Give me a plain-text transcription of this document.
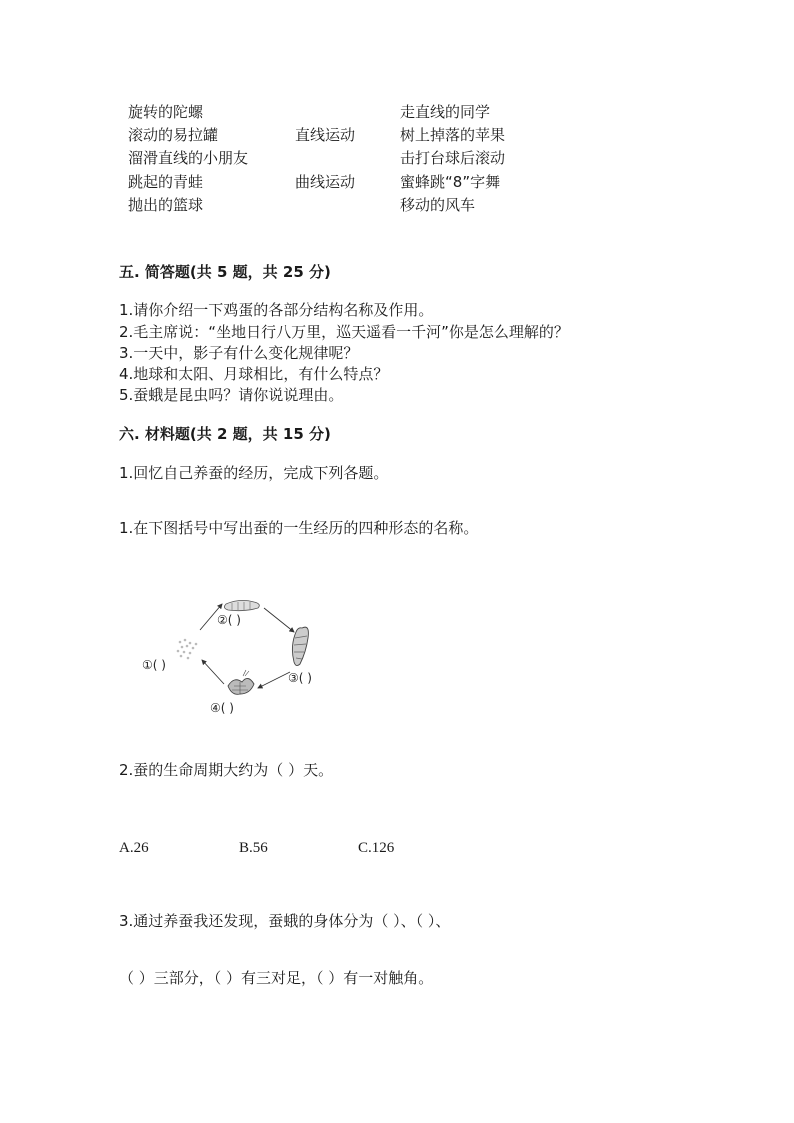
旋转的陀螺
滚动的易拉罐
溜滑直线的小朋友
跳起的青蛙
抛出的篮球
直线运动
曲线运动
走直线的同学
树上掉落的苹果
击打台球后滚动
蜜蜂跳“8”字舞
移动的风车
五. 简答题(共 5 题，共 25 分)
1.请你介绍一下鸡蛋的各部分结构名称及作用。
2.毛主席说：“坐地日行八万里，巡天遥看一千河”你是怎么理解的？
3.一天中，影子有什么变化规律呢？
4.地球和太阳、月球相比，有什么特点？
5.蚕蛾是昆虫吗？请你说说理由。
六. 材料题(共 2 题，共 15 分)
1.回忆自己养蚕的经历，完成下列各题。
1.在下图括号中写出蚕的一生经历的四种形态的名称。
①( )
②( )
③( )
④( )
2.蚕的生命周期大约为（ ）天。
A.26	B.56	C.126
3.通过养蚕我还发现，蚕蛾的身体分为（ ）、（ ）、
（ ）三部分，（ ）有三对足，（ ）有一对触角。
